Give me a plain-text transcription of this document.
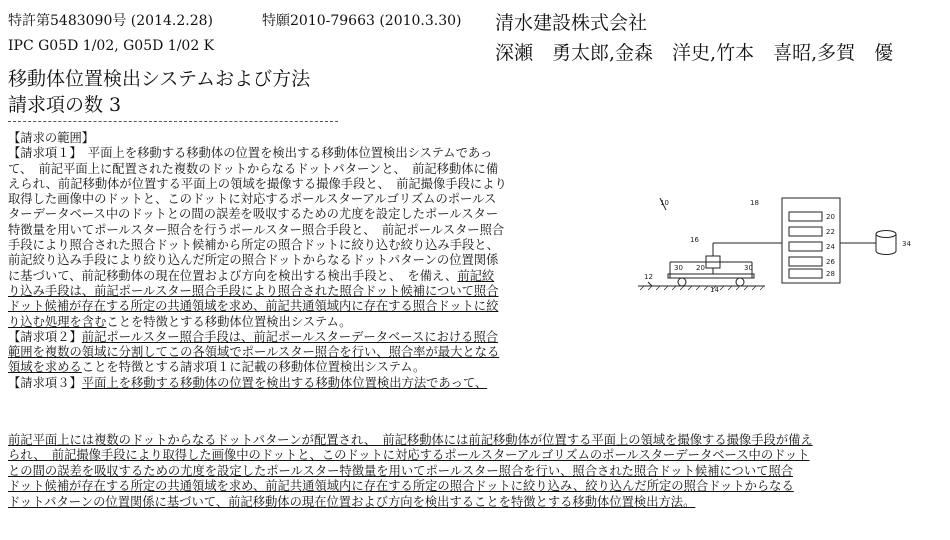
特許第5483090号 (2014.2.28)	特願2010-79663 (2010.3.30)
IPC G05D 1/02, G05D 1/02 K
移動体位置検出システムおよび方法
請求項の数 3
清水建設株式会社
深瀬　勇太郎,金森　洋史,竹本　喜昭,多賀　優
【請求の範囲】
【請求項１】　平面上を移動する移動体の位置を検出する移動体位置検出システムであっ
て、　前記平面上に配置された複数のドットからなるドットパターンと、　前記移動体に備
えられ、前記移動体が位置する平面上の領域を撮像する撮像手段と、　前記撮像手段により
取得した画像中のドットと、このドットに対応するポールスターアルゴリズムのポールス
ターデータベース中のドットとの間の誤差を吸収するための尤度を設定したポールスター
特徴量を用いてポールスター照合を行うポールスター照合手段と、　前記ポールスター照合
手段により照合された照合ドット候補から所定の照合ドットに絞り込む絞り込み手段と、
前記絞り込み手段により絞り込んだ所定の照合ドットからなるドットパターンの位置関係
に基づいて、前記移動体の現在位置および方向を検出する検出手段と、　を備え、前記絞
り込み手段は、前記ポールスター照合手段により照合された照合ドット候補について照合
ドット候補が存在する所定の共通領域を求め、前記共通領域内に存在する照合ドットに絞
り込む処理を含むことを特徴とする移動体位置検出システム。
【請求項２】前記ポールスター照合手段は、前記ポールスターデータベースにおける照合
範囲を複数の領域に分割してこの各領域でポールスター照合を行い、照合率が最大となる
領域を求めることを特徴とする請求項１に記載の移動体位置検出システム。
【請求項３】平面上を移動する移動体の位置を検出する移動体位置検出方法であって、
前記平面上には複数のドットからなるドットパターンが配置され、　前記移動体には前記移動体が位置する平面上の領域を撮像する撮像手段が備え
られ、　前記撮像手段により取得した画像中のドットと、このドットに対応するポールスターアルゴリズムのポールスターデータベース中のドット
との間の誤差を吸収するための尤度を設定したポールスター特徴量を用いてポールスター照合を行い、照合された照合ドット候補について照合
ドット候補が存在する所定の共通領域を求め、前記共通領域内に存在する所定の照合ドットに絞り込み、絞り込んだ所定の照合ドットからなる
ドットパターンの位置関係に基づいて、前記移動体の現在位置および方向を検出することを特徴とする移動体位置検出方法。
10	18
16
12
30 20
14
30
20
22
24
26
28
34
